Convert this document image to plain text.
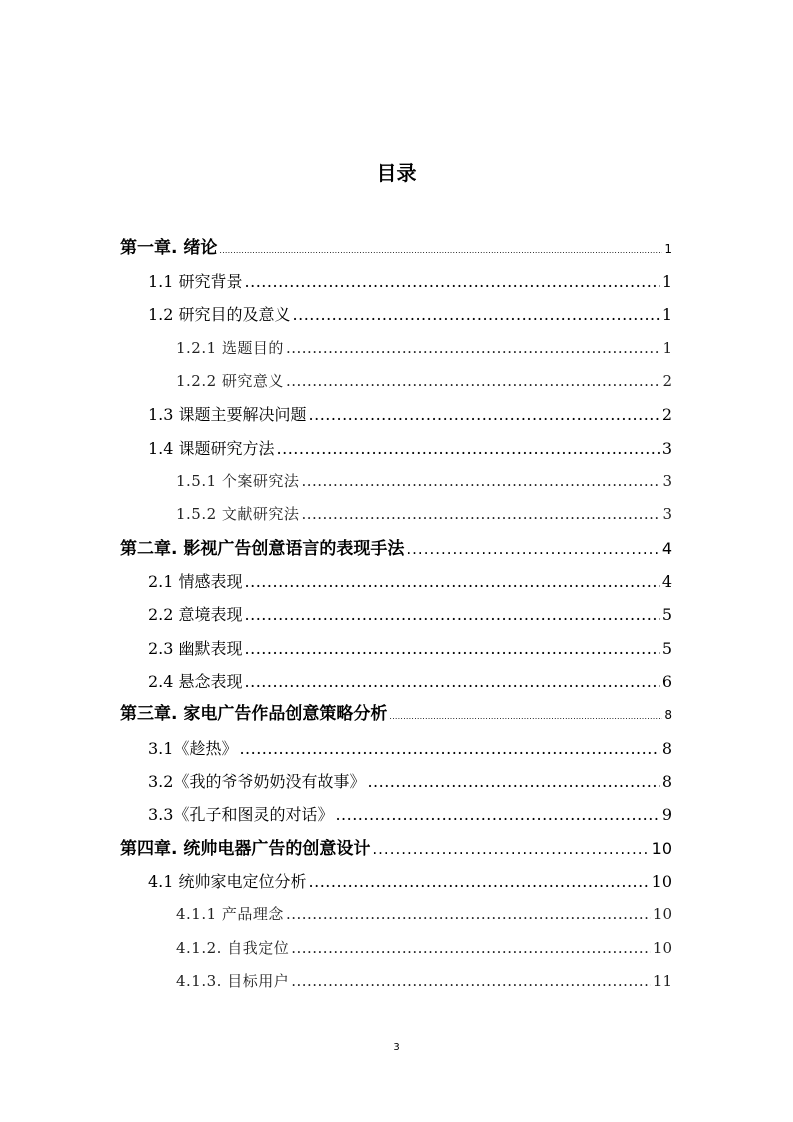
目录
第一章. 绪论 .....	1
1.1 研究背景 .....	1
1.2 研究目的及意义 .....	1
1.2.1 选题目的 .....	1
1.2.2 研究意义 .....	2
1.3 课题主要解决问题 .....	2
1.4 课题研究方法 .....	3
1.5.1 个案研究法 .....	3
1.5.2 文献研究法 .....	3
第二章. 影视广告创意语言的表现手法 .....	4
2.1 情感表现 .....	4
2.2 意境表现 .....	5
2.3 幽默表现 .....	5
2.4 悬念表现 .....	6
第三章. 家电广告作品创意策略分析 .....	8
3.1《趁热》 .....	8
3.2《我的爷爷奶奶没有故事》 .....	8
3.3《孔子和图灵的对话》 .....	9
第四章. 统帅电器广告的创意设计 .....	10
4.1 统帅家电定位分析 .....	10
4.1.1 产品理念 .....	10
4.1.2. 自我定位 .....	10
4.1.3. 目标用户 .....	11
3
